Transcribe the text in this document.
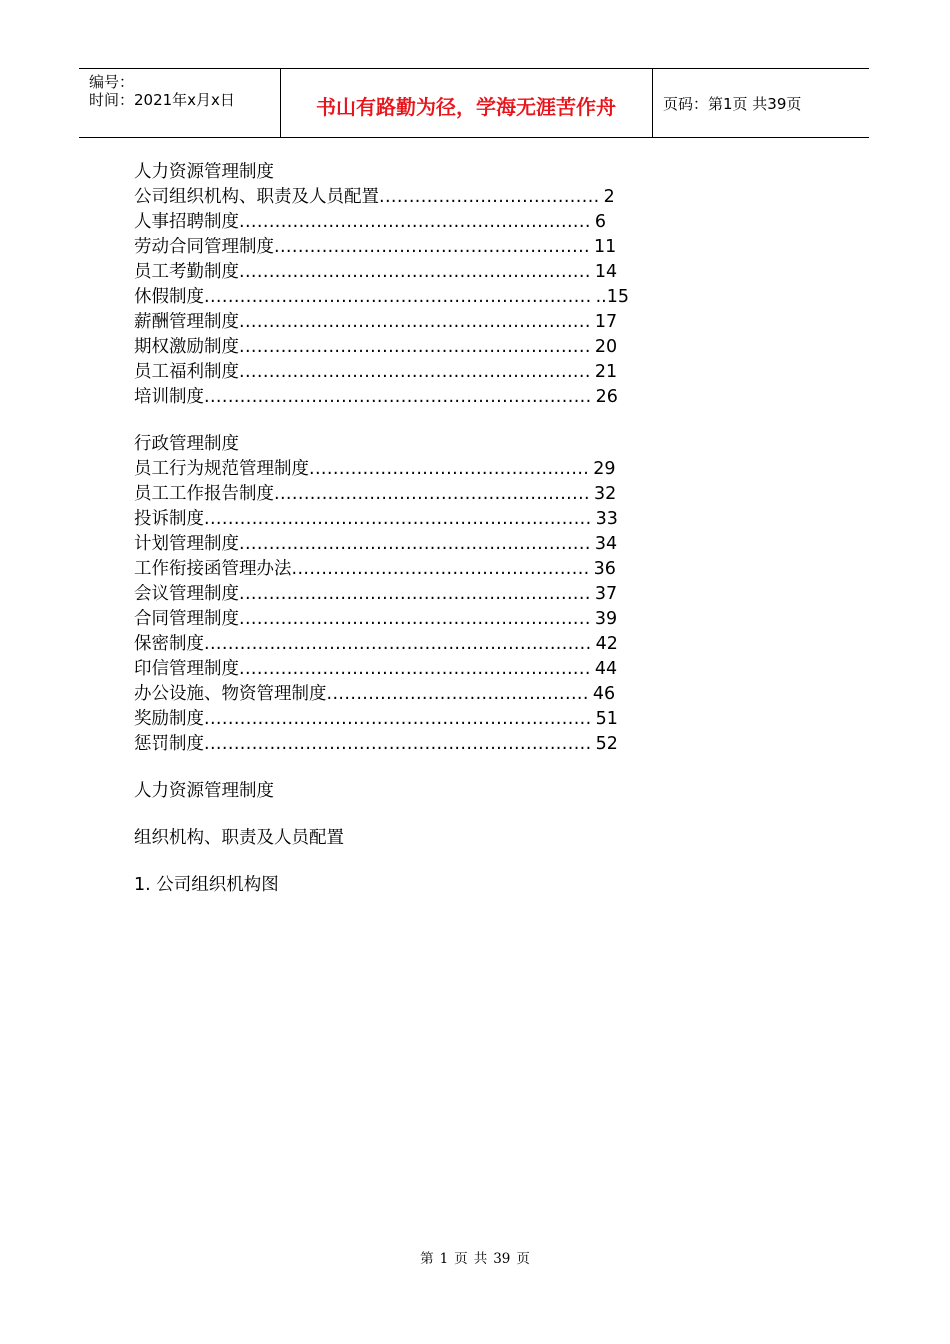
编号：
时间：2021年x月x日	书山有路勤为径，学海无涯苦作舟	页码：第1页 共39页
人力资源管理制度
公司组织机构、职责及人员配置 ..................................... 2
人事招聘制度 ........................................................... 6
劳动合同管理制度 ..................................................... 11
员工考勤制度 ........................................................... 14
休假制度 ................................................................. ..15
薪酬管理制度 ........................................................... 17
期权激励制度 ........................................................... 20
员工福利制度 ........................................................... 21
培训制度 ................................................................. 26
行政管理制度
员工行为规范管理制度 ............................................... 29
员工工作报告制度 ..................................................... 32
投诉制度 ................................................................. 33
计划管理制度 ........................................................... 34
工作衔接函管理办法 .................................................. 36
会议管理制度 ........................................................... 37
合同管理制度 ........................................................... 39
保密制度 ................................................................. 42
印信管理制度 ........................................................... 44
办公设施、物资管理制度 ............................................ 46
奖励制度 ................................................................. 51
惩罚制度 ................................................................. 52
人力资源管理制度
组织机构、职责及人员配置
1. 公司组织机构图
第 1 页 共 39 页
